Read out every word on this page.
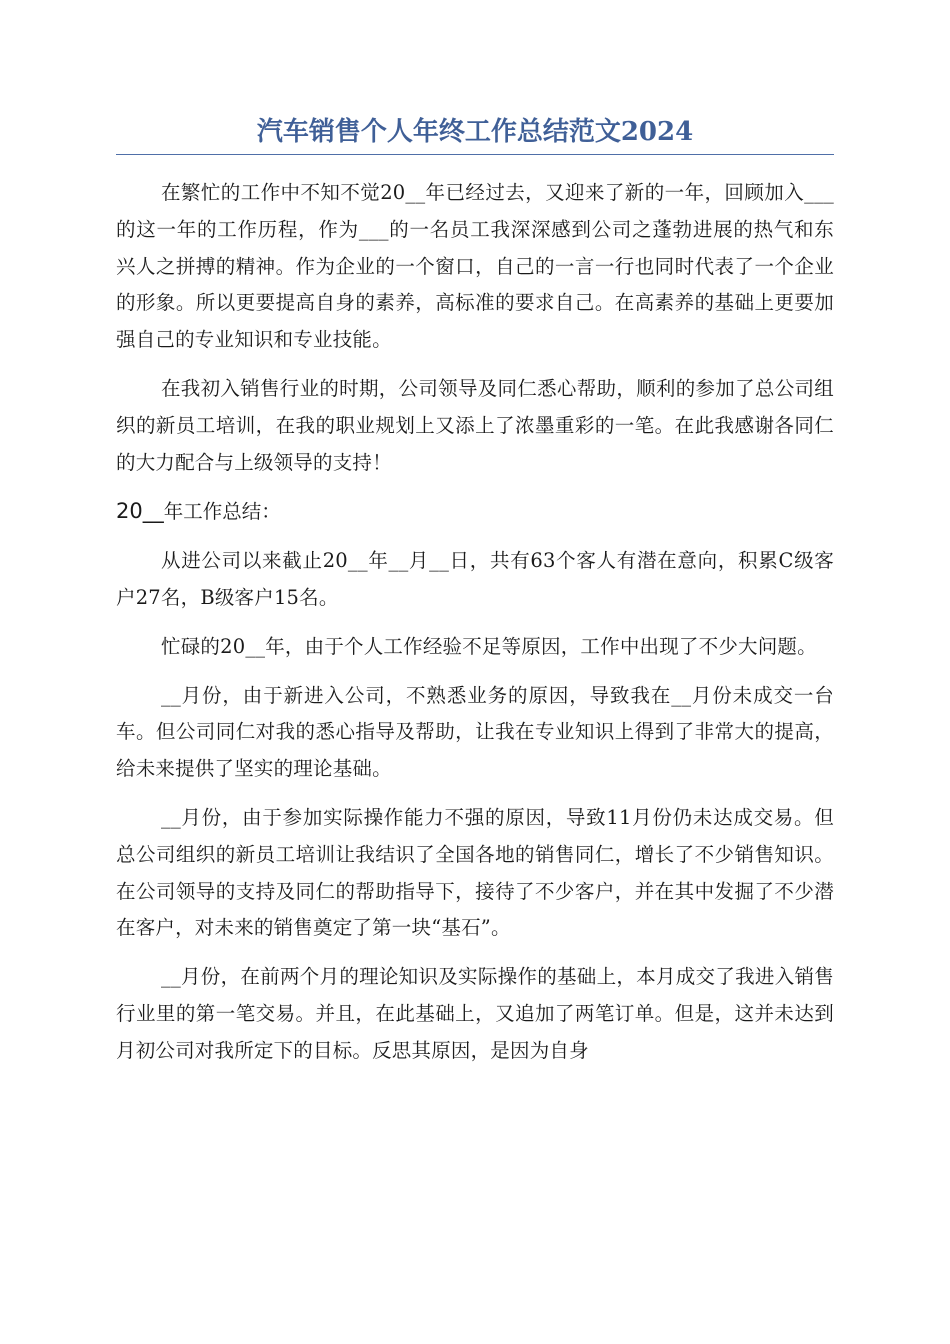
汽车销售个人年终工作总结范文2024

在繁忙的工作中不知不觉20__年已经过去，又迎来了新的一年，回顾加入___的这一年的工作历程，作为___的一名员工我深深感到公司之蓬勃进展的热气和东兴人之拼搏的精神。作为企业的一个窗口，自己的一言一行也同时代表了一个企业的形象。所以更要提高自身的素养，高标准的要求自己。在高素养的基础上更要加强自己的专业知识和专业技能。

在我初入销售行业的时期，公司领导及同仁悉心帮助，顺利的参加了总公司组织的新员工培训，在我的职业规划上又添上了浓墨重彩的一笔。在此我感谢各同仁的大力配合与上级领导的支持！

20__年工作总结：

从进公司以来截止20__年__月__日，共有63个客人有潜在意向，积累C级客户27名，B级客户15名。

忙碌的20__年，由于个人工作经验不足等原因，工作中出现了不少大问题。

__月份，由于新进入公司，不熟悉业务的原因，导致我在__月份未成交一台车。但公司同仁对我的悉心指导及帮助，让我在专业知识上得到了非常大的提高，给未来提供了坚实的理论基础。

__月份，由于参加实际操作能力不强的原因，导致11月份仍未达成交易。但总公司组织的新员工培训让我结识了全国各地的销售同仁，增长了不少销售知识。在公司领导的支持及同仁的帮助指导下，接待了不少客户，并在其中发掘了不少潜在客户，对未来的销售奠定了第一块“基石”。

__月份，在前两个月的理论知识及实际操作的基础上，本月成交了我进入销售行业里的第一笔交易。并且，在此基础上，又追加了两笔订单。但是，这并未达到月初公司对我所定下的目标。反思其原因，是因为自身
